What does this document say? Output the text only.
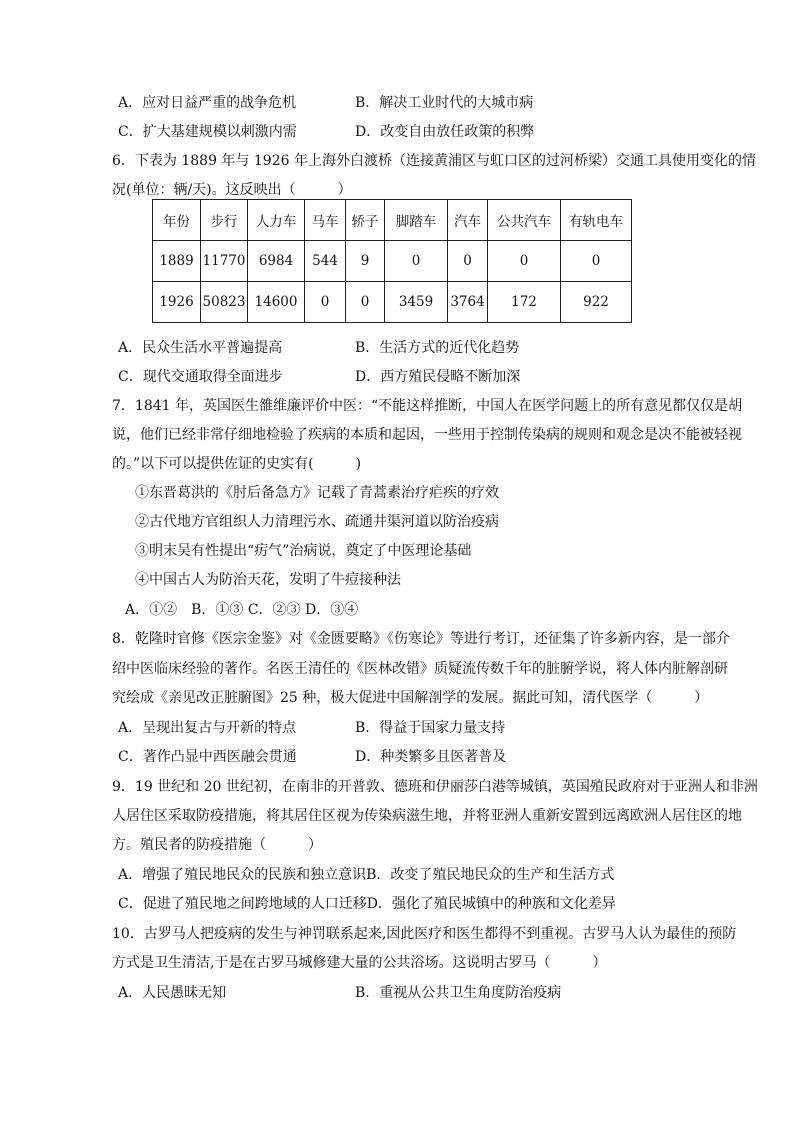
A．应对日益严重的战争危机	B．解决工业时代的大城市病
C．扩大基建规模以刺激内需	D．改变自由放任政策的积弊
6．下表为 1889 年与 1926 年上海外白渡桥（连接黄浦区与虹口区的过河桥梁）交通工具使用变化的情
况(单位：辆/天)。这反映出（　　　）
年份	步行	人力车	马车	轿子	脚踏车	汽车	公共汽车	有轨电车
1889	11770	6984	544	9	0	0	0	0
1926	50823	14600	0	0	3459	3764	172	922
A．民众生活水平普遍提高	B．生活方式的近代化趋势
C．现代交通取得全面进步	D．西方殖民侵略不断加深
7．1841 年，英国医生雒维廉评价中医：“不能这样推断，中国人在医学问题上的所有意见都仅仅是胡
说，他们已经非常仔细地检验了疾病的本质和起因，一些用于控制传染病的规则和观念是决不能被轻视
的。”以下可以提供佐证的史实有(　　　)
①东晋葛洪的《肘后备急方》记载了青蒿素治疗疟疾的疗效
②古代地方官组织人力清理污水、疏通井渠河道以防治疫病
③明末吴有性提出“疠气”治病说，奠定了中医理论基础
④中国古人为防治天花，发明了牛痘接种法
A．①②　B．①③ C．②③ D．③④
8．乾隆时官修《医宗金鉴》对《金匮要略》《伤寒论》等进行考订，还征集了许多新内容，是一部介
绍中医临床经验的著作。名医王清任的《医林改错》质疑流传数千年的脏腑学说，将人体内脏解剖研
究绘成《亲见改正脏腑图》25 种，极大促进中国解剖学的发展。据此可知，清代医学（　　　）
A．呈现出复古与开新的特点	B．得益于国家力量支持
C．著作凸显中西医融会贯通	D．种类繁多且医著普及
9．19 世纪和 20 世纪初，在南非的开普敦、德班和伊丽莎白港等城镇，英国殖民政府对于亚洲人和非洲
人居住区采取防疫措施，将其居住区视为传染病滋生地，并将亚洲人重新安置到远离欧洲人居住区的地
方。殖民者的防疫措施（　　　）
A．增强了殖民地民众的民族和独立意识B．改变了殖民地民众的生产和生活方式
C．促进了殖民地之间跨地域的人口迁移D．强化了殖民城镇中的种族和文化差异
10．古罗马人把疫病的发生与神罚联系起来,因此医疗和医生都得不到重视。古罗马人认为最佳的预防
方式是卫生清洁,于是在古罗马城修建大量的公共浴场。这说明古罗马（　　　）
A．人民愚昧无知	B．重视从公共卫生角度防治疫病
